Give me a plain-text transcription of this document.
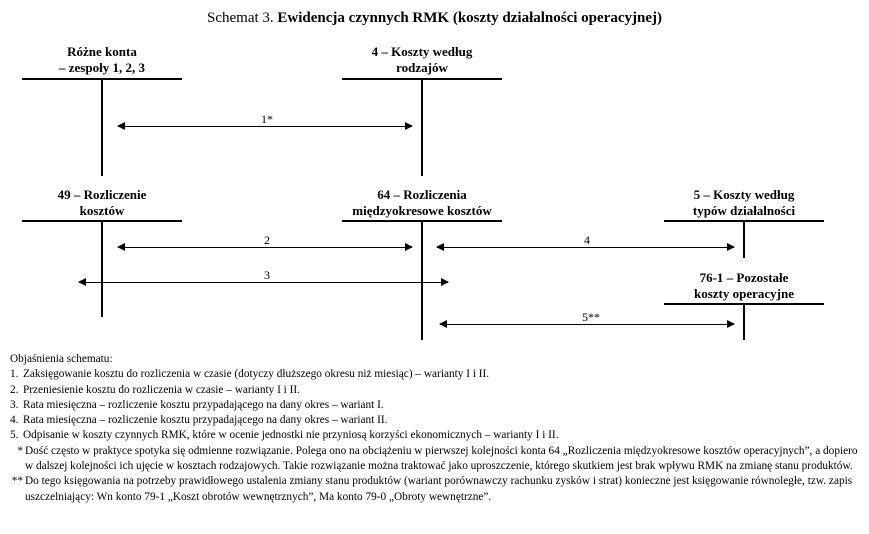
Schemat 3. Ewidencja czynnych RMK (koszty działalności operacyjnej)
Różne konta
– zespoły 1, 2, 3
4 – Koszty według
rodzajów
1*
49 – Rozliczenie
kosztów
64 – Rozliczenia
międzyokresowe kosztów
5 – Koszty według
typów działalności
2	4
3	76-1 – Pozostałe
koszty operacyjne
5**
Objaśnienia schematu:
1. Zaksięgowanie kosztu do rozliczenia w czasie (dotyczy dłuższego okresu niż miesiąc) – warianty I i II.
2. Przeniesienie kosztu do rozliczenia w czasie – warianty I i II.
3. Rata miesięczna – rozliczenie kosztu przypadającego na dany okres – wariant I.
4. Rata miesięczna – rozliczenie kosztu przypadającego na dany okres – wariant II.
5. Odpisanie w koszty czynnych RMK, które w ocenie jednostki nie przyniosą korzyści ekonomicznych – warianty I i II.
* Dość często w praktyce spotyka się odmienne rozwiązanie. Polega ono na obciążeniu w pierwszej kolejności konta 64 „Rozliczenia międzyokresowe kosztów operacyjnych”, a dopiero w dalszej kolejności ich ujęcie w kosztach rodzajowych. Takie rozwiązanie można traktować jako uproszczenie, którego skutkiem jest brak wpływu RMK na zmianę stanu produktów.
** Do tego księgowania na potrzeby prawidłowego ustalenia zmiany stanu produktów (wariant porównawczy rachunku zysków i strat) konieczne jest księgowanie równoległe, tzw. zapis uszczelniający: Wn konto 79-1 „Koszt obrotów wewnętrznych”, Ma konto 79-0 „Obroty wewnętrzne”.
